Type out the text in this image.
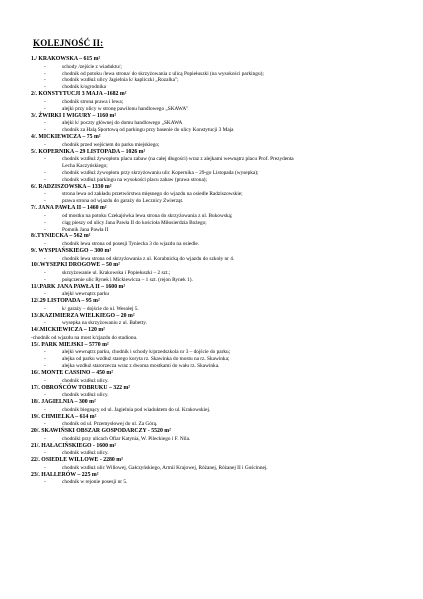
KOLEJNOŚĆ II:
1./ KRAKOWSKA – 615 m²
- schody /zejście z wiaduktu/;
- chodnik od potoku /lewa strona/ do skrzyżowania z ulicą Popiełuszki (na wysokości parkingu);
- chodnik wzdłuż ulicy Jagielnia k/ kapliczki „Rozalka";
- chodnik k/ogrodnika
2/. KONSTYTUCJI 3 MAJA –1682 m²
- chodnik strona prawa i lewa;
- alejki przy ulicy w stronę pawilonu handlowego „SKAWA"
3/. ŻWIRKI I WIGURY – 1160 m²
- alejki k/ poczty głównej do domu handlowego „SKAWA
- chodnik za Halą Sportową od parkingu przy basenie do ulicy Konstytucji 3 Maja
4/. MICKIEWICZA – 75 m²
- chodnik przed wejściem do parku miejskiego;
5/. KOPERNIKA – 29 LISTOPADA – 1026 m²
- chodnik wzdłuż żywopłotu placu zabaw (na całej długości) wraz z alejkami wewnątrz placu Prof. Prezydenta
Lecha Kaczyńskiego;
- chodnik wzdłuż żywopłotu przy skrzyżowaniu ulic Kopernika – 29-go Listopada (wysepka);
- chodnik wzdłuż parkingu na wysokości placu zabaw (prawa strona);
6/. RADZISZOWSKA – 1330 m²
- strona lewa od zakładu przetwórstwa mięsnego do wjazdu na osiedle Radziszowskie;
- prawa strona od wjazdu do garaży do Lecznicy Zwierząt.
7/. JANA PAWŁA II – 1460 m²
- od mostku na potoku Czekajówka lewa strona do skrzyżowania z ul. Bukowską;
- ciąg pieszy od ulicy Jana Pawła II do kościoła Miłosierdzia Bożego;
- Pomnik Jana Pawła II
8/.TYNIECKA – 562 m²
- chodnik lewa strona od posesji Tyniecka 3 do wjazdu na osiedle.
9/. WYSPIAŃSKIEGO – 300 m²
- chodnik lewa strona od skrzyżowania z ul. Korabnicką do wjazdu do szkoły nr 4.
10/.WYSEPKI DROGOWE – 50 m²
- skrzyżowanie ul. Krakowska i Popiełuszki – 2 szt.;
- połączenie ulic Rynek i Mickiewicza – 1 szt. (rejon Rynek 1).
11/.PARK JANA PAWŁA II – 1600 m²
- alejki wewnątrz parku
12/.29 LISTOPADA – 95 m²
- k/ garaży – dojście do ul. Wesołej 5.
13/.KAZIMIERZA WIELKIEGO – 20 m²
- wysepka na skrzyżowaniu z ul. Babetty.
14/.MICKIEWICZA – 120 m²
-chodnik od wjazdu na most k/zjazdu do stadionu.
15/. PARK MIEJSKI – 5770 m²
- alejki wewnątrz parku, chodnik i schody k/przedszkola nr 3 – dojście do parku;
- alejka od parku wzdłuż starego koryta rz. Skawinka do mostu na rz. Skawinka;
- alejka wzdłuż starorzecza wraz z dwoma mostkami do wału rz. Skawinka.
16/. MONTE CASSINO – 450 m²
- chodnik wzdłuż ulicy.
17/. OBROŃCÓW TOBRUKU – 322 m²
- chodnik wzdłuż ulicy.
18/. JAGIELNIA – 300 m²
- chodnik biegnący od ul. Jagielnia pod wiaduktem do ul. Krakowskiej.
19/. CHMIELKA – 614 m²
- chodnik od ul. Przemysłowej do ul. Za Górą.
20/. SKAWIŃSKI OBSZAR GOSPODARCZY - 5520 m²
- chodniki przy ulicach Ofiar Katynia, W. Pileckiego i F. Nila.
21/. HAŁACIŃSKIEGO - 1600 m²
- chodnik wzdłuż ulicy.
22/. OSIEDLE WILLOWE - 2280 m²
- chodnik wzdłuż ulic Willowej, Gałczyńskiego, Armii Krajowej, Różanej, Różanej II i Gościnnej.
23/. HALLERÓW – 225 m²
- chodnik w rejonie posesji nr 5.
